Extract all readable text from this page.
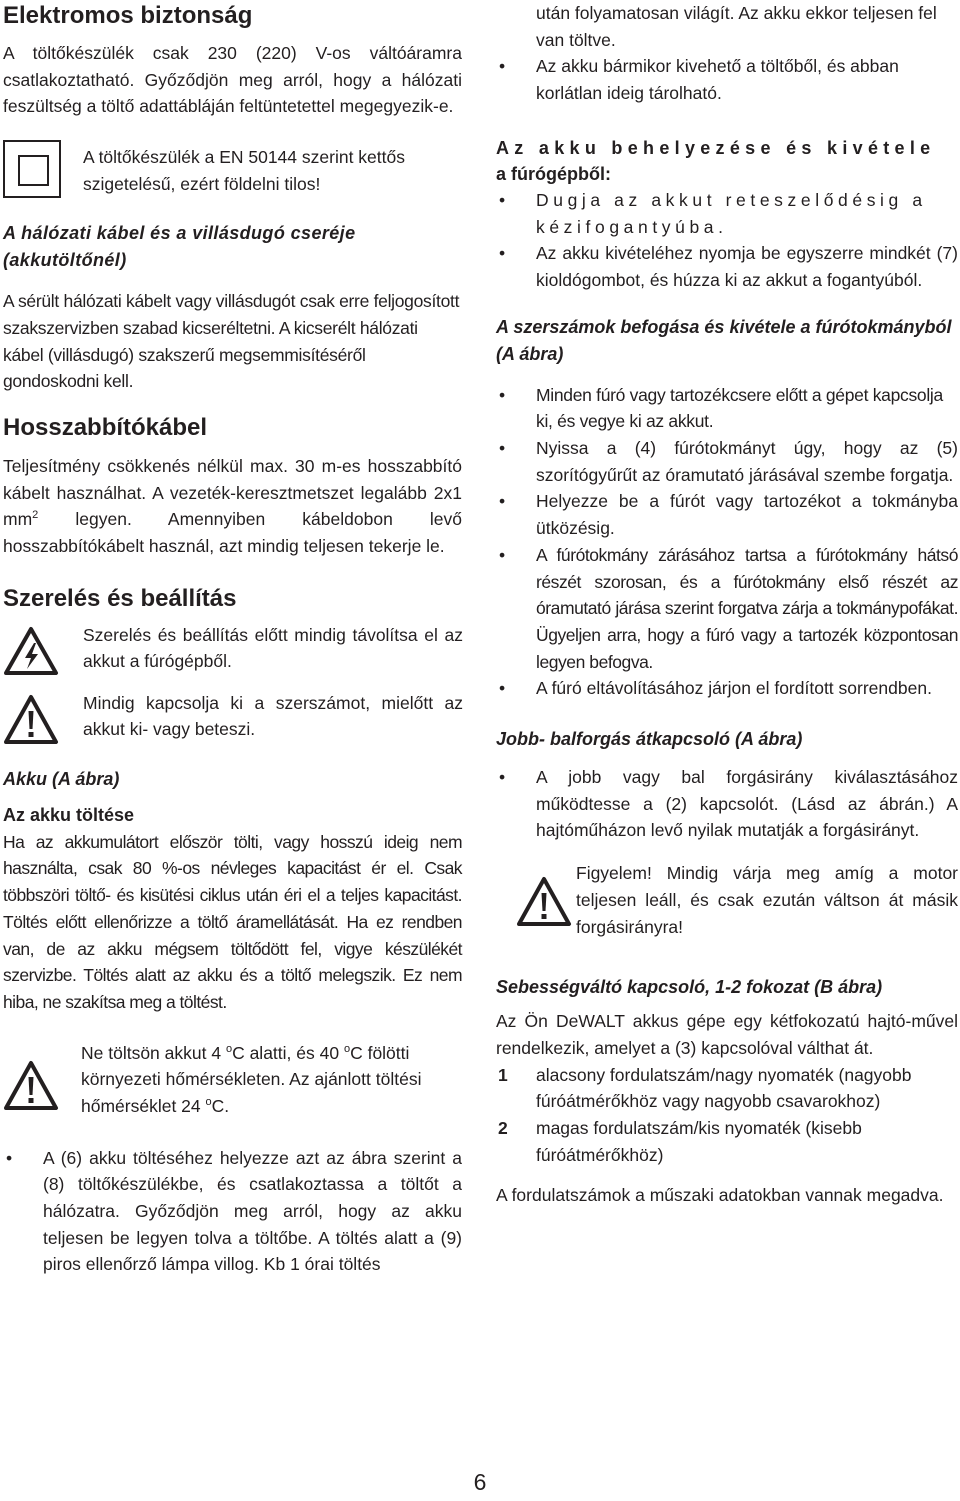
Elektromos biztonság

A töltőkészülék csak 230 (220) V-os váltóáramra csatlakoztatható. Győződjön meg arról, hogy a hálózati feszültség a töltő adattábláján feltüntetettel megegyezik-e.

A töltőkészülék a EN 50144 szerint kettős szigetelésű, ezért földelni tilos!

A hálózati kábel és a villásdugó cseréje (akkutöltőnél)

A sérült hálózati kábelt vagy villásdugót csak erre feljogosított szakszervizben szabad kicseréltetni. A kicserélt hálózati kábel (villásdugó) szakszerű megsemmisítéséről gondoskodni kell.

Hosszabbítókábel

Teljesítmény csökkenés nélkül max. 30 m-es hosszabbító kábelt használhat. A vezeték-keresztmetszet legalább 2x1 $mm^2$ legyen. Amennyiben kábeldobon levő hosszabbítókábelt használ, azt mindig teljesen tekerje le.

Szerelés és beállítás

Szerelés és beállítás előtt mindig távolítsa el az akkut a fúrógépből.

Mindig kapcsolja ki a szerszámot, mielőtt az akkut ki- vagy beteszi.

Akku (A ábra)
Az akku töltése

Ha az akkumulátort először tölti, vagy hosszú ideig nem használta, csak 80 %-os névleges kapacitást ér el. Csak többszöri töltő- és kisütési ciklus után éri el a teljes kapacitást. Töltés előtt ellenőrizze a töltő áramellátását. Ha ez rendben van, de az akku mégsem töltődött fel, vigye készülékét szervizbe. Töltés alatt az akku és a töltő melegszik. Ez nem hiba, ne szakítsa meg a töltést.

Ne töltsön akkut 4 $^o$C alatti, és 40 $^o$C fölötti környezeti hőmérsékleten. Az ajánlott töltési hőmérséklet 24 $^o$C.

• A (6) akku töltéséhez helyezze azt az ábra szerint a (8) töltőkészülékbe, és csatlakoztassa a töltőt a hálózatra. Győződjön meg arról, hogy az akku teljesen be legyen tolva a töltőbe. A töltés alatt a (9) piros ellenőrző lámpa villog. Kb 1 órai töltés

után folyamatosan világít. Az akku ekkor teljesen fel van töltve.

• Az akku bármikor kivehető a töltőből, és abban korlátlan ideig tárolható.
Az akku behelyezése és kivétele
a fúrógépből:
• Dugja az akkut reteszelődésig a kézifogantyúba.
• Az akku kivételéhez nyomja be egyszerre mindkét (7) kioldógombot, és húzza ki az akkut a fogantyúból.
A szerszámok befogása és kivétele a fúrótokmányból (A ábra)
• Minden fúró vagy tartozékcsere előtt a gépet kapcsolja ki, és vegye ki az akkut.
• Nyissa a (4) fúrótokmányt úgy, hogy az (5) szorítógyűrűt az óramutató járásával szembe forgatja.
• Helyezze be a fúrót vagy tartozékot a tokmányba ütközésig.
• A fúrótokmány zárásához tartsa a fúrótokmány hátsó részét szorosan, és a fúrótokmány első részét az óramutató járása szerint forgatva zárja a tokmánypofákat. Ügyeljen arra, hogy a fúró vagy a tartozék központosan legyen befogva.
• A fúró eltávolításához járjon el fordított sorrendben.
Jobb- balforgás átkapcsoló (A ábra)
• A jobb vagy bal forgásirány kiválasztásához működtesse a (2) kapcsolót. (Lásd az ábrán.) A hajtóműházon levő nyilak mutatják a forgásirányt.

Figyelem! Mindig várja meg amíg a motor teljesen leáll, és csak ezután váltson át másik forgásirányra!

Sebességváltó kapcsoló, 1-2 fokozat (B ábra)

Az Ön DeWALT akkus gépe egy kétfokozatú hajtó-művel rendelkezik, amelyet a (3) kapcsolóval válthat át.

1 alacsony fordulatszám/nagy nyomaték (nagyobb fúróátmérőkhöz vagy nagyobb csavarokhoz)
2 magas fordulatszám/kis nyomaték (kisebb fúróátmérőkhöz)

A fordulatszámok a műszaki adatokban vannak megadva.

6
